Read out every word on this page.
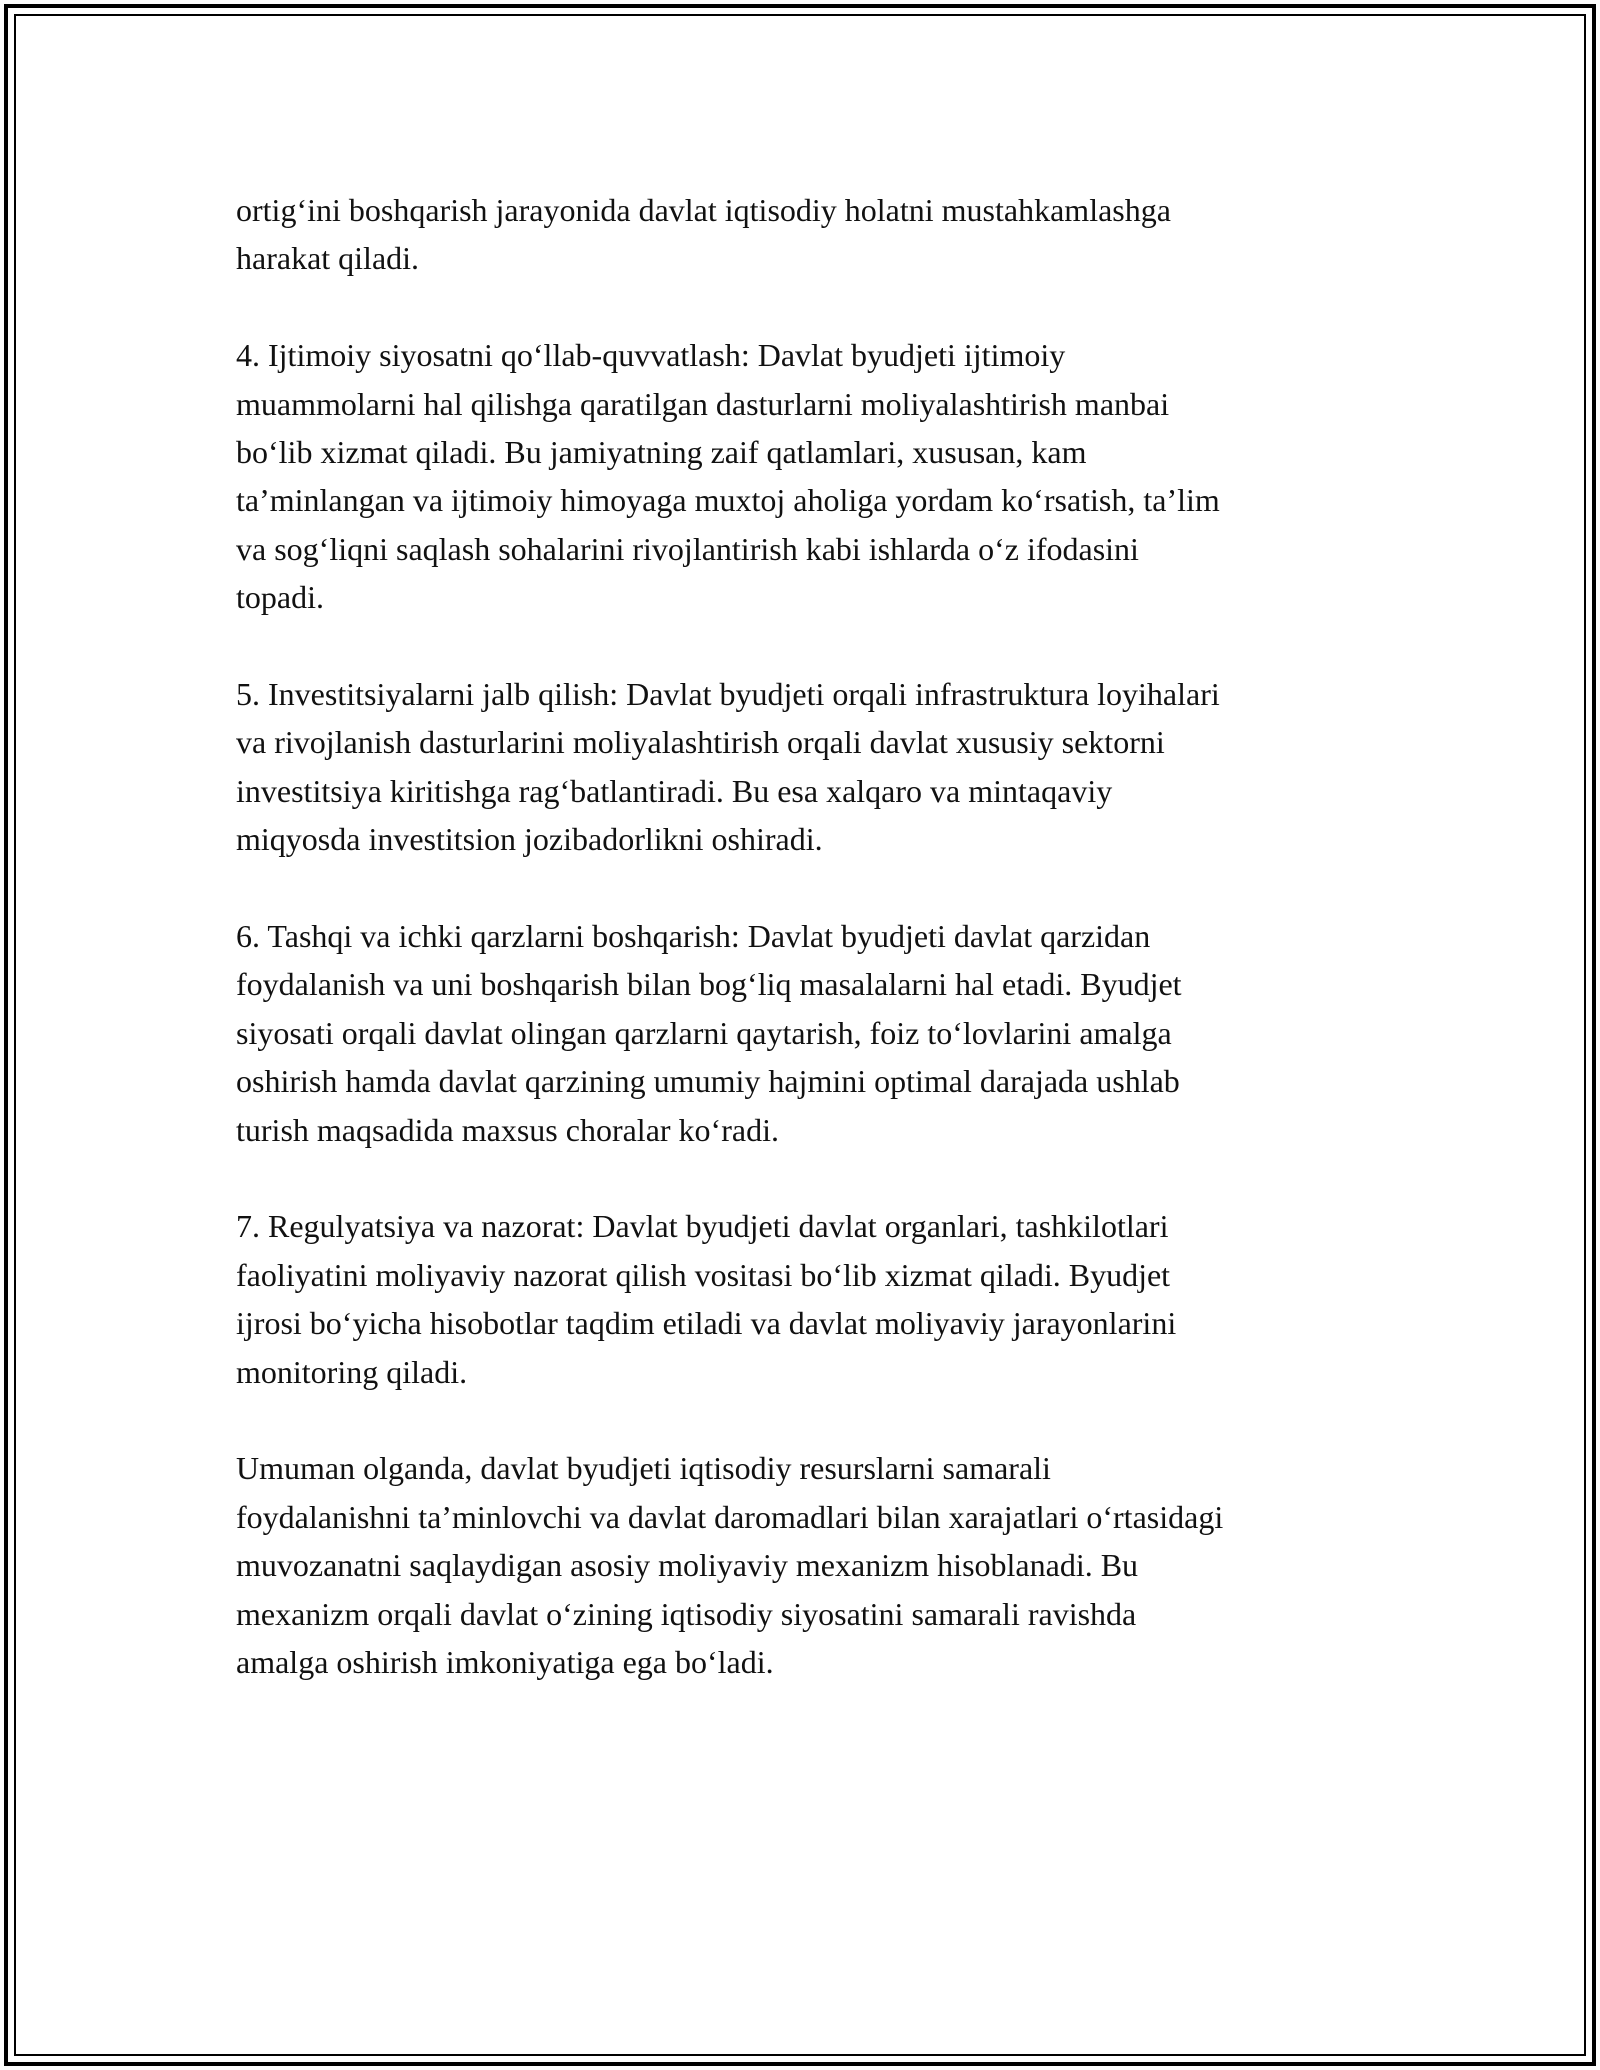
ortig‘ini boshqarish jarayonida davlat iqtisodiy holatni mustahkamlashga
harakat qiladi.

4. Ijtimoiy siyosatni qo‘llab-quvvatlash: Davlat byudjeti ijtimoiy
muammolarni hal qilishga qaratilgan dasturlarni moliyalashtirish manbai
bo‘lib xizmat qiladi. Bu jamiyatning zaif qatlamlari, xususan, kam
ta’minlangan va ijtimoiy himoyaga muxtoj aholiga yordam ko‘rsatish, ta’lim
va sog‘liqni saqlash sohalarini rivojlantirish kabi ishlarda o‘z ifodasini
topadi.

5. Investitsiyalarni jalb qilish: Davlat byudjeti orqali infrastruktura loyihalari
va rivojlanish dasturlarini moliyalashtirish orqali davlat xususiy sektorni
investitsiya kiritishga rag‘batlantiradi. Bu esa xalqaro va mintaqaviy
miqyosda investitsion jozibadorlikni oshiradi.

6. Tashqi va ichki qarzlarni boshqarish: Davlat byudjeti davlat qarzidan
foydalanish va uni boshqarish bilan bog‘liq masalalarni hal etadi. Byudjet
siyosati orqali davlat olingan qarzlarni qaytarish, foiz to‘lovlarini amalga
oshirish hamda davlat qarzining umumiy hajmini optimal darajada ushlab
turish maqsadida maxsus choralar ko‘radi.

7. Regulyatsiya va nazorat: Davlat byudjeti davlat organlari, tashkilotlari
faoliyatini moliyaviy nazorat qilish vositasi bo‘lib xizmat qiladi. Byudjet
ijrosi bo‘yicha hisobotlar taqdim etiladi va davlat moliyaviy jarayonlarini
monitoring qiladi.

Umuman olganda, davlat byudjeti iqtisodiy resurslarni samarali
foydalanishni ta’minlovchi va davlat daromadlari bilan xarajatlari o‘rtasidagi
muvozanatni saqlaydigan asosiy moliyaviy mexanizm hisoblanadi. Bu
mexanizm orqali davlat o‘zining iqtisodiy siyosatini samarali ravishda
amalga oshirish imkoniyatiga ega bo‘ladi.
